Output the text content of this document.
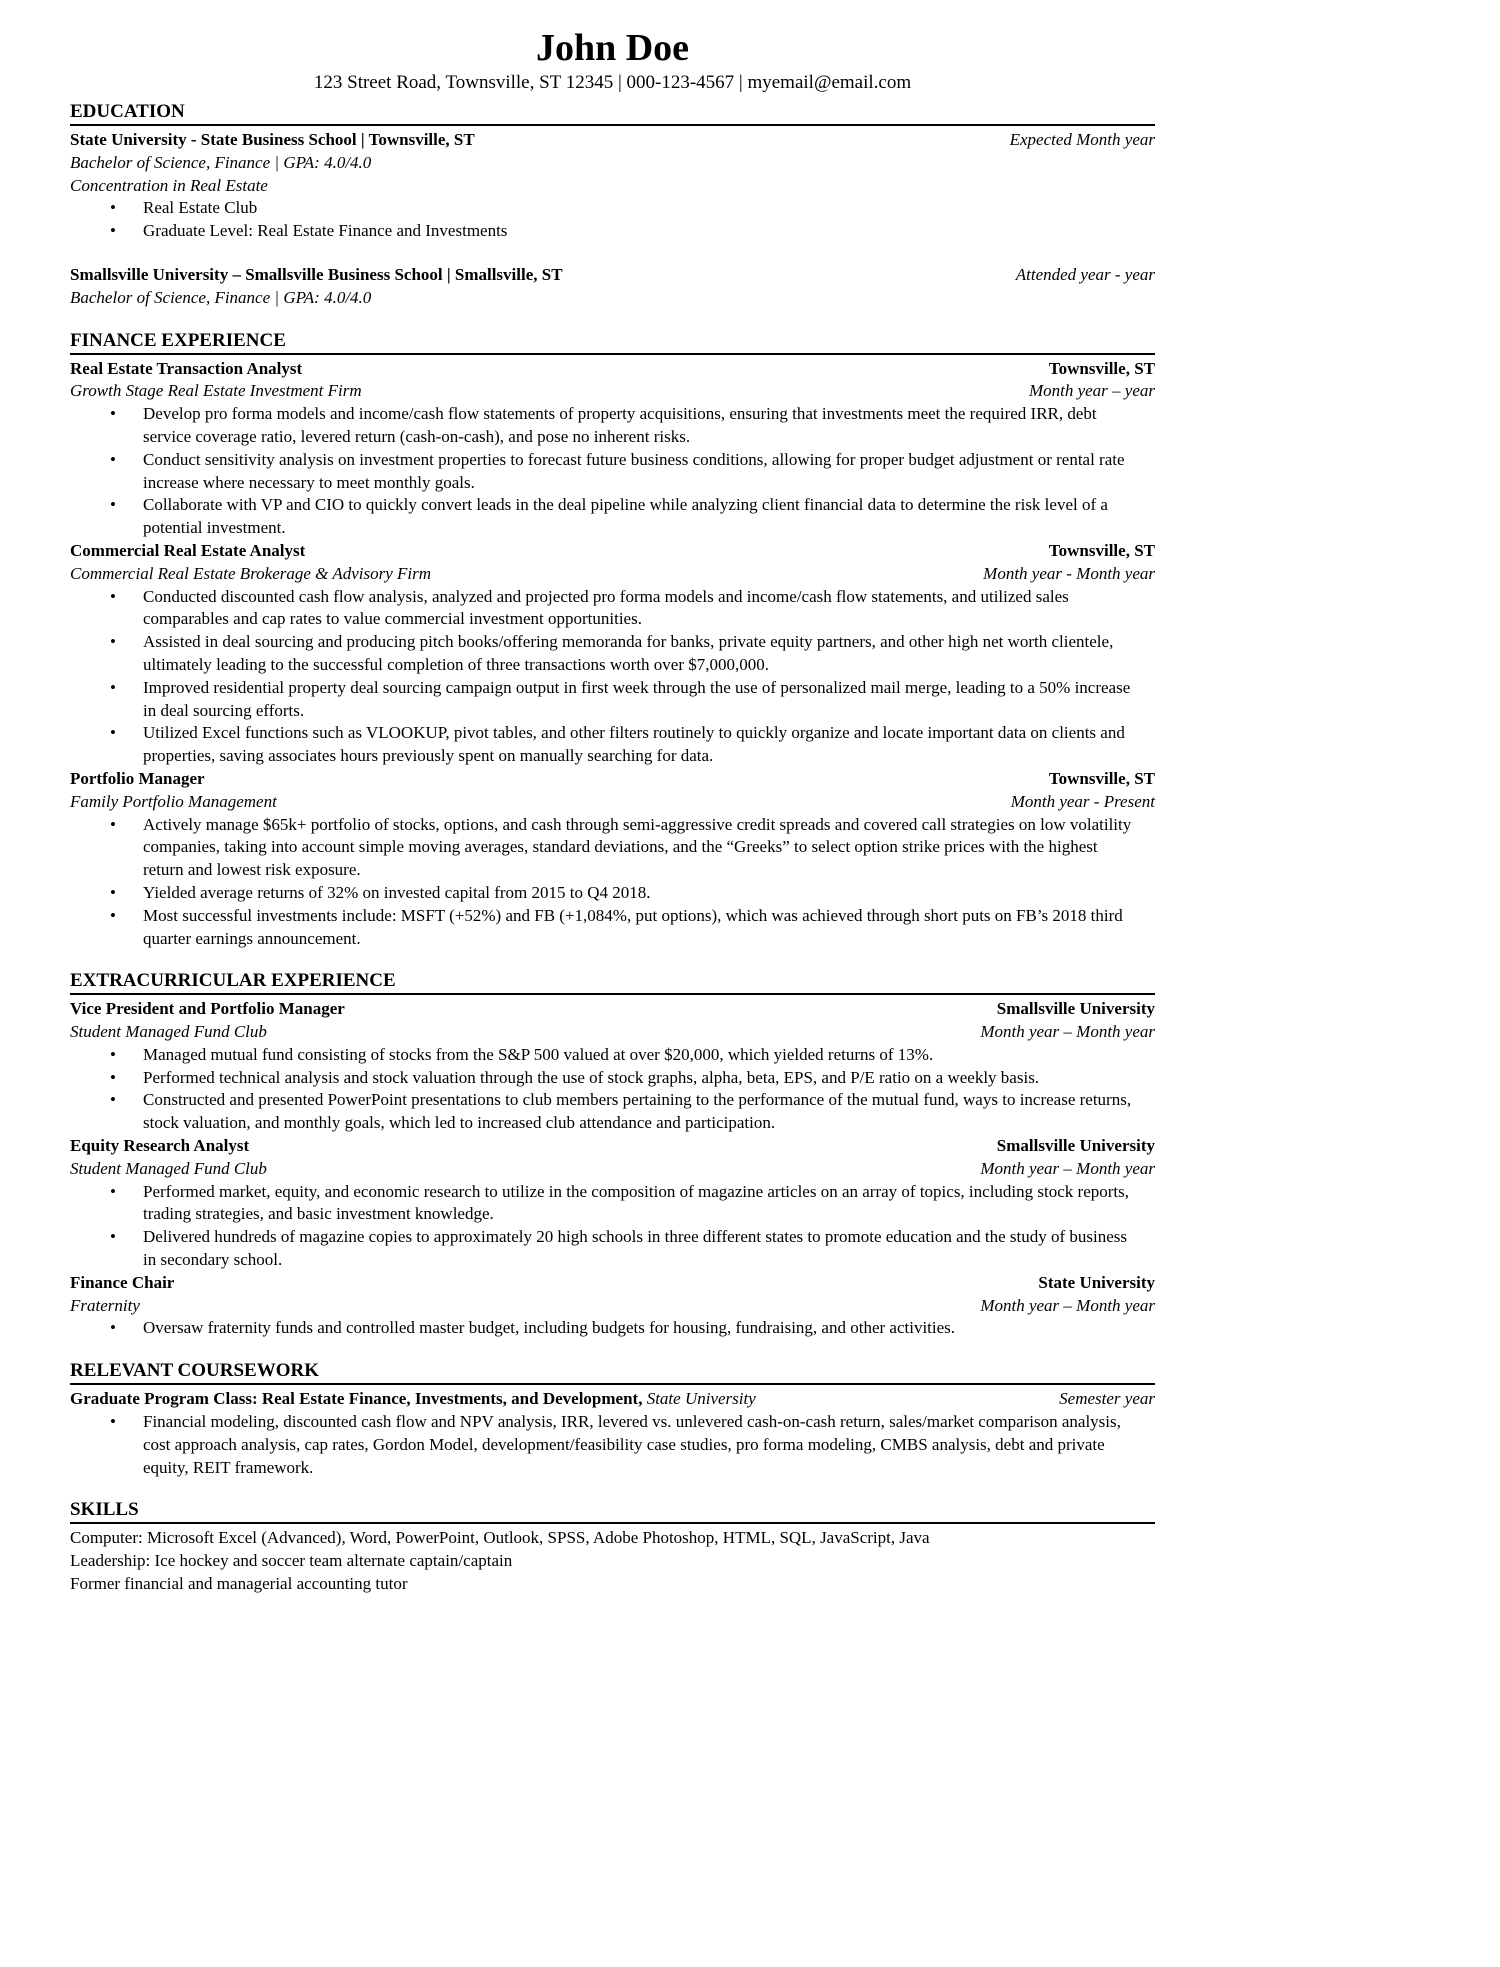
John Doe
123 Street Road, Townsville, ST 12345 | 000-123-4567 | myemail@email.com
EDUCATION
State University - State Business School | Townsville, ST	Expected Month year
Bachelor of Science, Finance | GPA: 4.0/4.0
Concentration in Real Estate
• Real Estate Club
• Graduate Level: Real Estate Finance and Investments
Smallsville University – Smallsville Business School | Smallsville, ST	Attended year - year
Bachelor of Science, Finance | GPA: 4.0/4.0
FINANCE EXPERIENCE
Real Estate Transaction Analyst	Townsville, ST
Growth Stage Real Estate Investment Firm	Month year – year
• Develop pro forma models and income/cash flow statements of property acquisitions, ensuring that investments meet the required IRR, debt service coverage ratio, levered return (cash-on-cash), and pose no inherent risks.
• Conduct sensitivity analysis on investment properties to forecast future business conditions, allowing for proper budget adjustment or rental rate increase where necessary to meet monthly goals.
• Collaborate with VP and CIO to quickly convert leads in the deal pipeline while analyzing client financial data to determine the risk level of a potential investment.
Commercial Real Estate Analyst	Townsville, ST
Commercial Real Estate Brokerage & Advisory Firm	Month year - Month year
• Conducted discounted cash flow analysis, analyzed and projected pro forma models and income/cash flow statements, and utilized sales comparables and cap rates to value commercial investment opportunities.
• Assisted in deal sourcing and producing pitch books/offering memoranda for banks, private equity partners, and other high net worth clientele, ultimately leading to the successful completion of three transactions worth over $7,000,000.
• Improved residential property deal sourcing campaign output in first week through the use of personalized mail merge, leading to a 50% increase in deal sourcing efforts.
• Utilized Excel functions such as VLOOKUP, pivot tables, and other filters routinely to quickly organize and locate important data on clients and properties, saving associates hours previously spent on manually searching for data.
Portfolio Manager	Townsville, ST
Family Portfolio Management	Month year - Present
• Actively manage $65k+ portfolio of stocks, options, and cash through semi-aggressive credit spreads and covered call strategies on low volatility companies, taking into account simple moving averages, standard deviations, and the “Greeks” to select option strike prices with the highest return and lowest risk exposure.
• Yielded average returns of 32% on invested capital from 2015 to Q4 2018.
• Most successful investments include: MSFT (+52%) and FB (+1,084%, put options), which was achieved through short puts on FB’s 2018 third quarter earnings announcement.
EXTRACURRICULAR EXPERIENCE
Vice President and Portfolio Manager	Smallsville University
Student Managed Fund Club	Month year – Month year
• Managed mutual fund consisting of stocks from the S&P 500 valued at over $20,000, which yielded returns of 13%.
• Performed technical analysis and stock valuation through the use of stock graphs, alpha, beta, EPS, and P/E ratio on a weekly basis.
• Constructed and presented PowerPoint presentations to club members pertaining to the performance of the mutual fund, ways to increase returns, stock valuation, and monthly goals, which led to increased club attendance and participation.
Equity Research Analyst	Smallsville University
Student Managed Fund Club	Month year – Month year
• Performed market, equity, and economic research to utilize in the composition of magazine articles on an array of topics, including stock reports, trading strategies, and basic investment knowledge.
• Delivered hundreds of magazine copies to approximately 20 high schools in three different states to promote education and the study of business in secondary school.
Finance Chair	State University
Fraternity	Month year – Month year
• Oversaw fraternity funds and controlled master budget, including budgets for housing, fundraising, and other activities.
RELEVANT COURSEWORK
Graduate Program Class: Real Estate Finance, Investments, and Development, State University	Semester year
• Financial modeling, discounted cash flow and NPV analysis, IRR, levered vs. unlevered cash-on-cash return, sales/market comparison analysis, cost approach analysis, cap rates, Gordon Model, development/feasibility case studies, pro forma modeling, CMBS analysis, debt and private equity, REIT framework.
SKILLS
Computer: Microsoft Excel (Advanced), Word, PowerPoint, Outlook, SPSS, Adobe Photoshop, HTML, SQL, JavaScript, Java
Leadership: Ice hockey and soccer team alternate captain/captain
Former financial and managerial accounting tutor
